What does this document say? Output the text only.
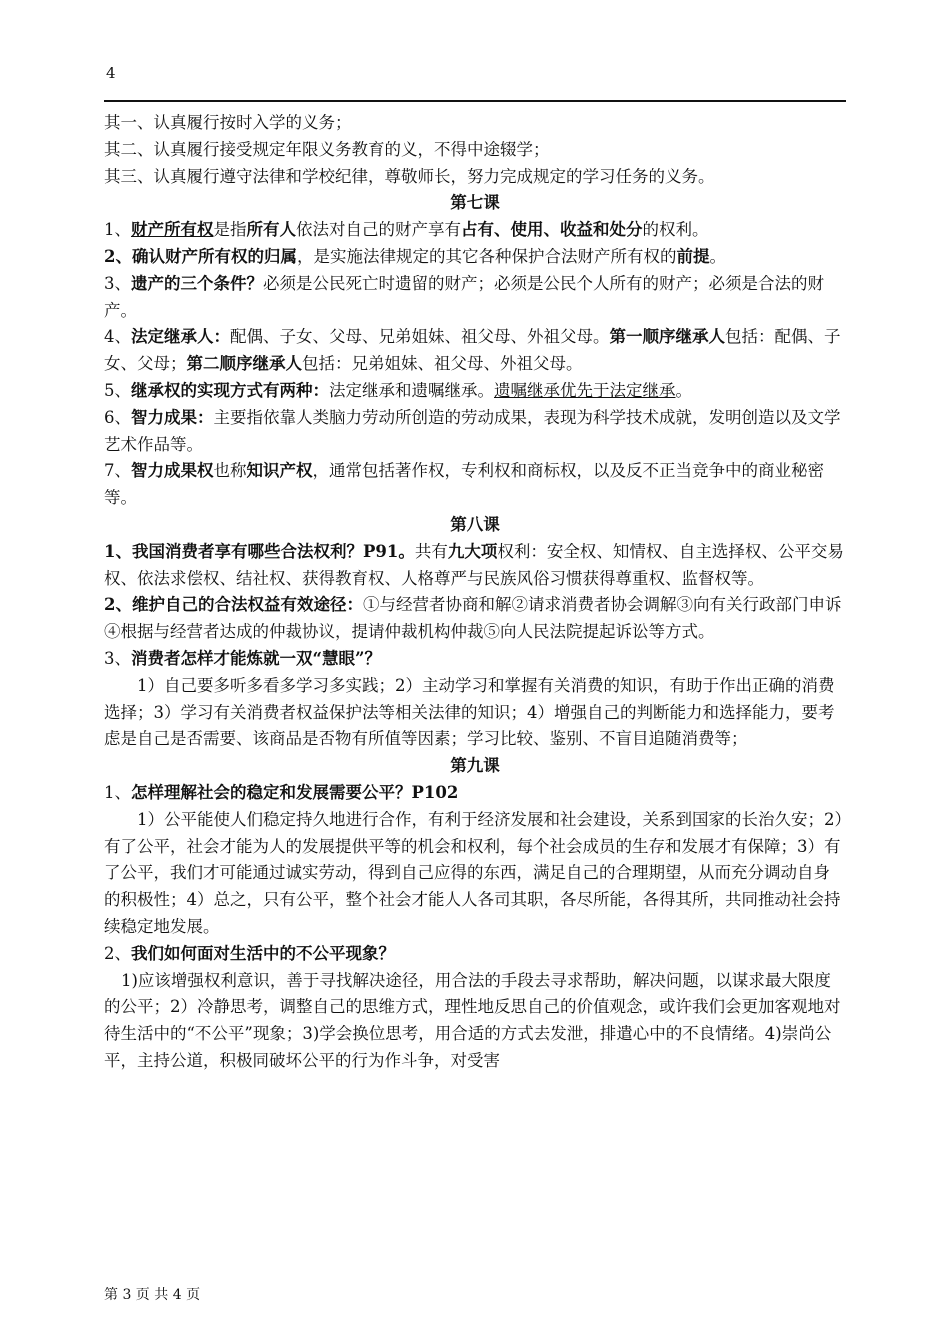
4

其一、认真履行按时入学的义务；

其二、认真履行接受规定年限义务教育的义，不得中途辍学；

其三、认真履行遵守法律和学校纪律，尊敬师长，努力完成规定的学习任务的义务。

第七课

1、财产所有权是指所有人依法对自己的财产享有占有、使用、收益和处分的权利。

2、确认财产所有权的归属，是实施法律规定的其它各种保护合法财产所有权的前提。

3、遗产的三个条件？必须是公民死亡时遗留的财产；必须是公民个人所有的财产；必须是合法的财产。

4、法定继承人：配偶、子女、父母、兄弟姐妹、祖父母、外祖父母。第一顺序继承人包括：配偶、子女、父母；第二顺序继承人包括：兄弟姐妹、祖父母、外祖父母。

5、继承权的实现方式有两种：法定继承和遗嘱继承。遗嘱继承优先于法定继承。

6、智力成果：主要指依靠人类脑力劳动所创造的劳动成果，表现为科学技术成就，发明创造以及文学艺术作品等。

7、智力成果权也称知识产权，通常包括著作权，专利权和商标权，以及反不正当竞争中的商业秘密等。

第八课

1、我国消费者享有哪些合法权利？P91。共有九大项权利：安全权、知情权、自主选择权、公平交易权、依法求偿权、结社权、获得教育权、人格尊严与民族风俗习惯获得尊重权、监督权等。

2、维护自己的合法权益有效途径：①与经营者协商和解②请求消费者协会调解③向有关行政部门申诉④根据与经营者达成的仲裁协议，提请仲裁机构仲裁⑤向人民法院提起诉讼等方式。

3、消费者怎样才能炼就一双“慧眼”？

1）自己要多听多看多学习多实践；2）主动学习和掌握有关消费的知识，有助于作出正确的消费选择；3）学习有关消费者权益保护法等相关法律的知识；4）增强自己的判断能力和选择能力，要考虑是自己是否需要、该商品是否物有所值等因素；学习比较、鉴别、不盲目追随消费等；

第九课

1、怎样理解社会的稳定和发展需要公平？P102

1）公平能使人们稳定持久地进行合作，有利于经济发展和社会建设，关系到国家的长治久安；2）有了公平，社会才能为人的发展提供平等的机会和权利，每个社会成员的生存和发展才有保障；3）有了公平，我们才可能通过诚实劳动，得到自己应得的东西，满足自己的合理期望，从而充分调动自身的积极性；4）总之，只有公平，整个社会才能人人各司其职，各尽所能，各得其所，共同推动社会持续稳定地发展。

2、我们如何面对生活中的不公平现象？

1)应该增强权利意识，善于寻找解决途径，用合法的手段去寻求帮助，解决问题，以谋求最大限度的公平；2）冷静思考，调整自己的思维方式，理性地反思自己的价值观念，或许我们会更加客观地对待生活中的“不公平”现象；3)学会换位思考，用合适的方式去发泄，排遣心中的不良情绪。4)崇尚公平，主持公道，积极同破坏公平的行为作斗争，对受害

第 3 页 共 4 页
